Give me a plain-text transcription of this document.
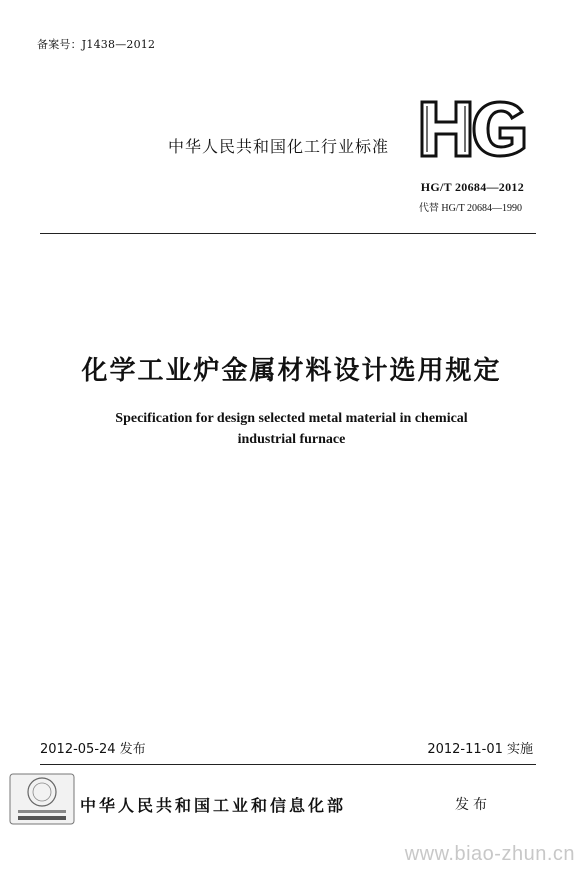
备案号：J1438—2012
中华人民共和国化工行业标准
HG/T 20684—2012
代替 HG/T 20684—1990
化学工业炉金属材料设计选用规定
Specification for design selected metal material in chemical
industrial furnace
2012-05-24 发布	2012-11-01 实施
中华人民共和国工业和信息化部	发布
www.biao-zhun.cn
